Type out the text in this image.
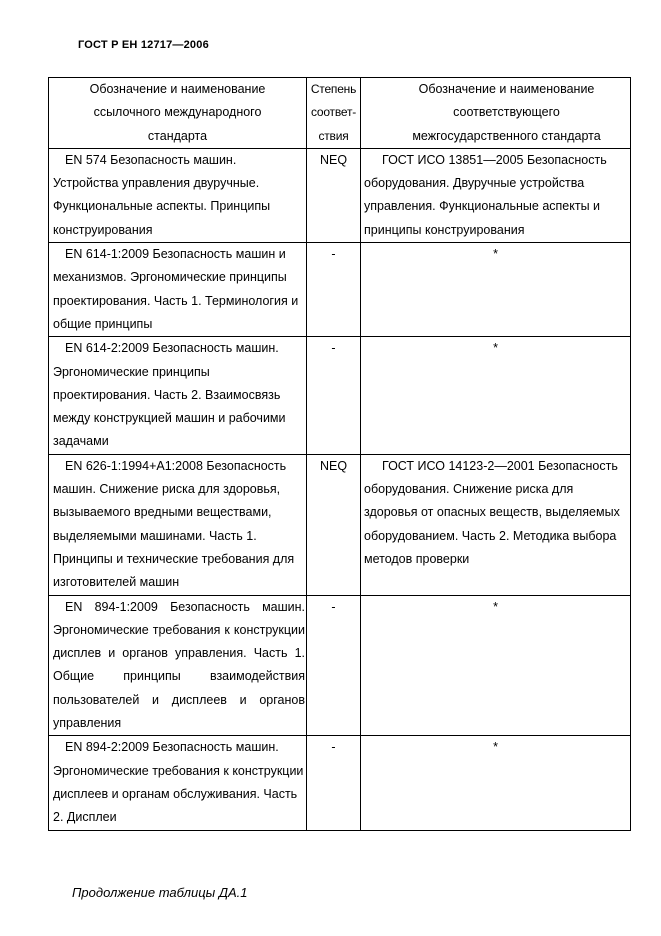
ГОСТ Р ЕН 12717—2006
Обозначение и наименование ссылочного международного стандарта	Степень соответ-ствия	Обозначение и наименование соответствующего межгосударственного стандарта

EN 574 Безопасность машин. Устройства управления двуручные. Функциональные аспекты. Принципы конструирования	NEQ	ГОСТ ИСО 13851—2005 Безопасность оборудования. Двуручные устройства управления. Функциональные аспекты и принципы конструирования

EN 614-1:2009 Безопасность машин и механизмов. Эргономические принципы проектирования. Часть 1. Терминология и общие принципы	-	*

EN 614-2:2009 Безопасность машин. Эргономические принципы проектирования. Часть 2. Взаимосвязь между конструкцией машин и рабочими задачами	-	*

EN 626-1:1994+A1:2008 Безопасность машин. Снижение риска для здоровья, вызываемого вредными веществами, выделяемыми машинами. Часть 1. Принципы и технические требования для изготовителей машин	NEQ	ГОСТ ИСО 14123-2—2001 Безопасность оборудования. Снижение риска для здоровья от опасных веществ, выделяемых оборудованием. Часть 2. Методика выбора методов проверки

EN 894-1:2009 Безопасность машин. Эргономические требования к конструкции дисплев и органов управления. Часть 1. Общие принципы взаимодействия пользователей и дисплеев и органов управления	-	*

EN 894-2:2009 Безопасность машин. Эргономические требования к конструкции дисплеев и органам обслуживания. Часть 2. Дисплеи	-	*
Продолжение таблицы ДА.1
